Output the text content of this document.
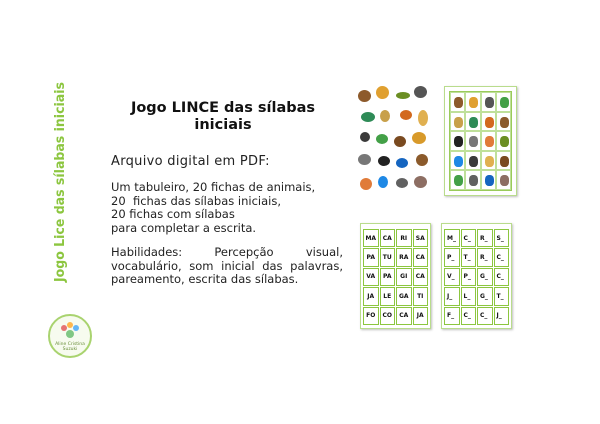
Jogo Lice das sílabas iniciais
Aline Cristina Suzuki
Jogo LINCE das sílabas
iniciais
Arquivo digital em PDF:
Um tabuleiro, 20 fichas de animais,
20  fichas das sílabas iniciais,
20 fichas com sílabas
para completar a escrita.
Habilidades: Percepção visual, vocabulário, som inicial das palavras, pareamento, escrita das sílabas.
MA	CA	RI	SA
PA	TU	RA	CA
VA	PA	GI	CA
JA	LE	GA	TI
FO	CO	CA	JA
M_	C_	R_	S_
P_	T_	R_	C_
V_	P_	G_	C_
J_	L_	G_	T_
F_	C_	C_	J_
